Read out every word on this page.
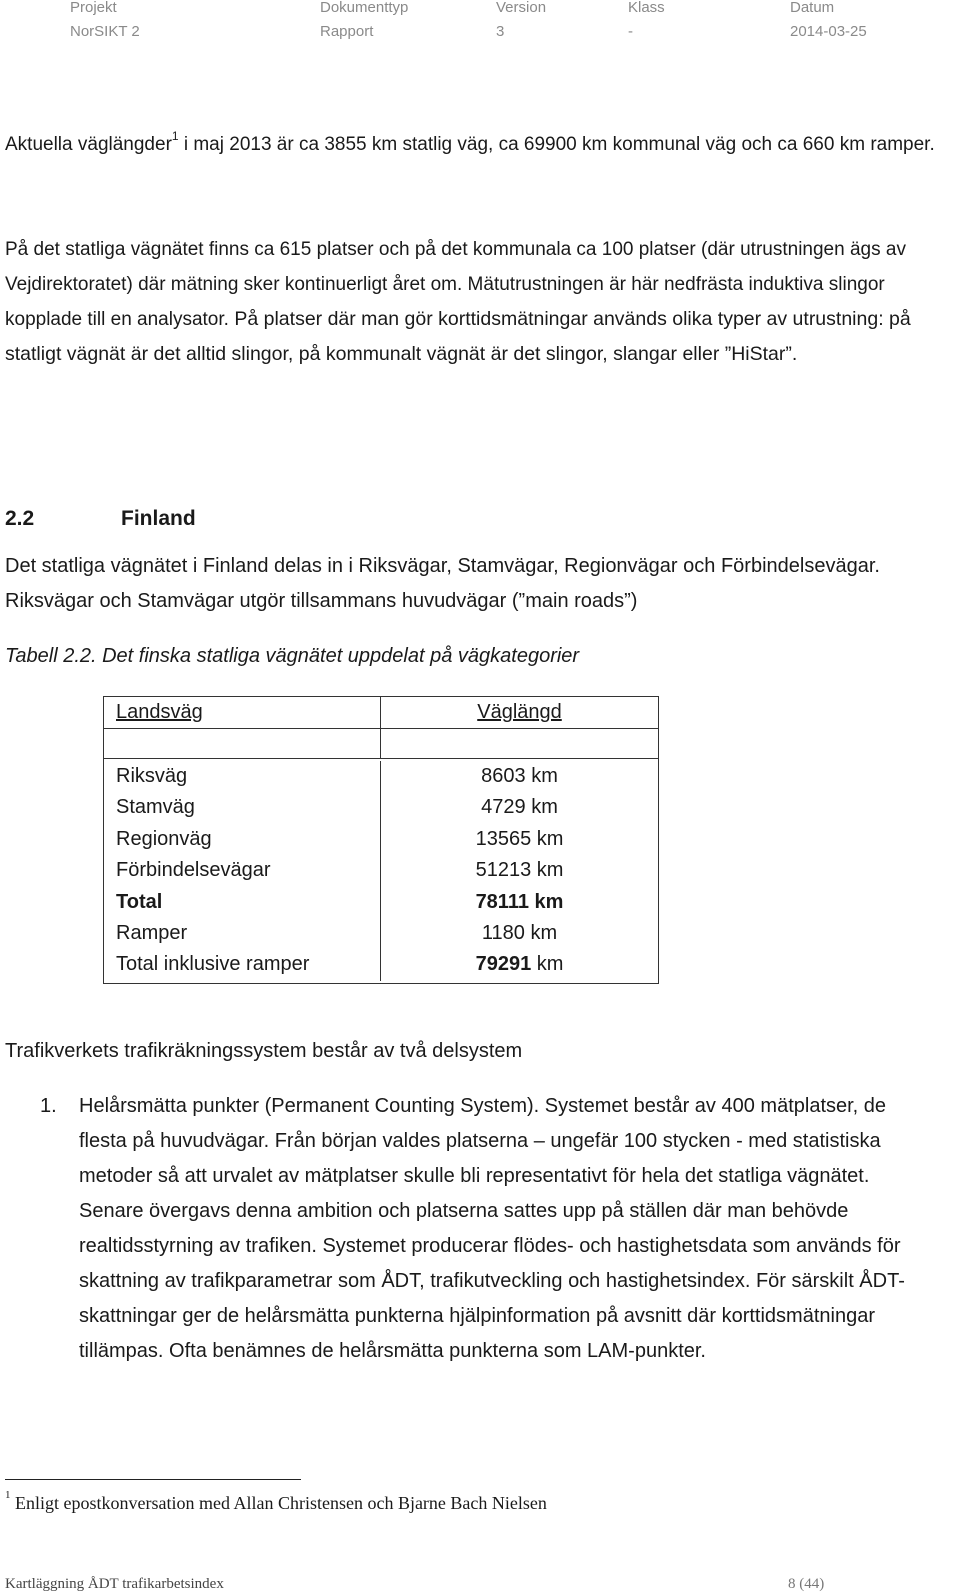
Projekt	Dokumenttyp	Version	Klass	Datum
NorSIKT 2	Rapport	3	-	2014-03-25

Aktuella väglängder$^1$ i maj 2013 är ca 3855 km statlig väg, ca 69900 km kommunal väg och ca 660 km ramper.

På det statliga vägnätet finns ca 615 platser och på det kommunala ca 100 platser (där utrustningen ägs av Vejdirektoratet) där mätning sker kontinuerligt året om. Mätutrustningen är här nedfrästa induktiva slingor kopplade till en analysator. På platser där man gör korttidsmätningar används olika typer av utrustning: på statligt vägnät är det alltid slingor, på kommunalt vägnät är det slingor, slangar eller ”HiStar”.

2.2	Finland

Det statliga vägnätet i Finland delas in i Riksvägar, Stamvägar, Regionvägar och Förbindelsevägar. Riksvägar och Stamvägar utgör tillsammans huvudvägar (”main roads”)

Tabell 2.2. Det finska statliga vägnätet uppdelat på vägkategorier
Landsväg	Väglängd
Riksväg	8603 km
Stamväg	4729 km
Regionväg	13565 km
Förbindelsevägar	51213 km
Total	78111 km
Ramper	1180 km
Total inklusive ramper	79291 km
Trafikverkets trafikräkningssystem består av två delsystem
1. Helårsmätta punkter (Permanent Counting System). Systemet består av 400 mätplatser, de flesta på huvudvägar. Från början valdes platserna – ungefär 100 stycken - med statistiska metoder så att urvalet av mätplatser skulle bli representativt för hela det statliga vägnätet. Senare övergavs denna ambition och platserna sattes upp på ställen där man behövde realtidsstyrning av trafiken. Systemet producerar flödes- och hastighetsdata som används för skattning av trafikparametrar som ÅDT, trafikutveckling och hastighetsindex. För särskilt ÅDT-skattningar ger de helårsmätta punkterna hjälpinformation på avsnitt där korttidsmätningar tillämpas. Ofta benämnes de helårsmätta punkterna som LAM-punkter.
$^1$ Enligt epostkonversation med Allan Christensen och Bjarne Bach Nielsen
Kartläggning ÅDT trafikarbetsindex	8 (44)
